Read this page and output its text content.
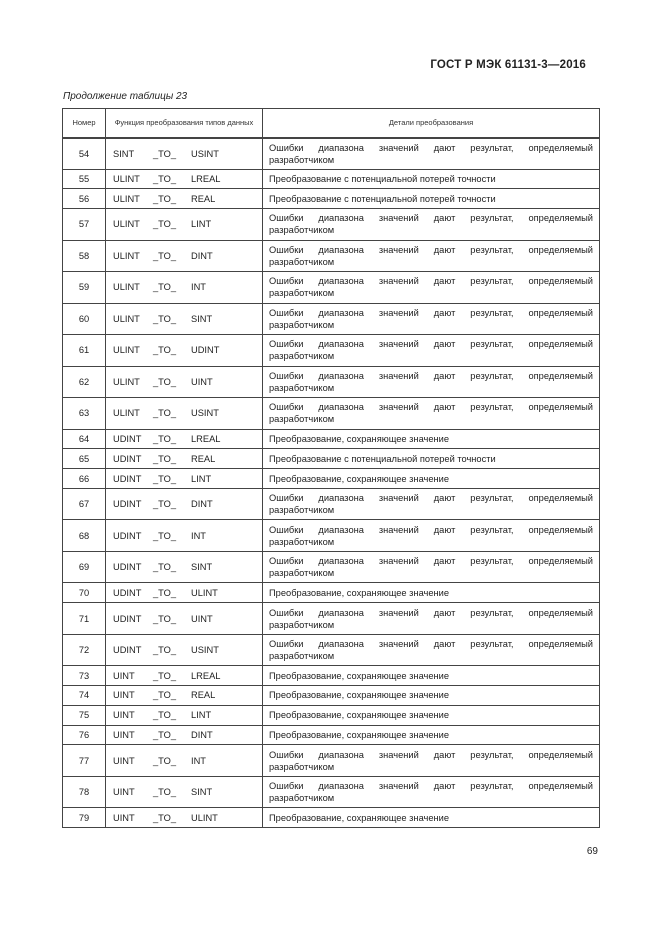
ГОСТ Р МЭК 61131-3—2016
Продолжение таблицы 23
Номер	Функция преобразования типов данных	Детали преобразования
54	SINT _TO_ USINT	Ошибки диапазона значений дают результат, определяемый разработчиком
55	ULINT _TO_ LREAL	Преобразование с потенциальной потерей точности
56	ULINT _TO_ REAL	Преобразование с потенциальной потерей точности
57	ULINT _TO_ LINT	Ошибки диапазона значений дают результат, определяемый разработчиком
58	ULINT _TO_ DINT	Ошибки диапазона значений дают результат, определяемый разработчиком
59	ULINT _TO_ INT	Ошибки диапазона значений дают результат, определяемый разработчиком
60	ULINT _TO_ SINT	Ошибки диапазона значений дают результат, определяемый разработчиком
61	ULINT _TO_ UDINT	Ошибки диапазона значений дают результат, определяемый разработчиком
62	ULINT _TO_ UINT	Ошибки диапазона значений дают результат, определяемый разработчиком
63	ULINT _TO_ USINT	Ошибки диапазона значений дают результат, определяемый разработчиком
64	UDINT _TO_ LREAL	Преобразование, сохраняющее значение
65	UDINT _TO_ REAL	Преобразование с потенциальной потерей точности
66	UDINT _TO_ LINT	Преобразование, сохраняющее значение
67	UDINT _TO_ DINT	Ошибки диапазона значений дают результат, определяемый разработчиком
68	UDINT _TO_ INT	Ошибки диапазона значений дают результат, определяемый разработчиком
69	UDINT _TO_ SINT	Ошибки диапазона значений дают результат, определяемый разработчиком
70	UDINT _TO_ ULINT	Преобразование, сохраняющее значение
71	UDINT _TO_ UINT	Ошибки диапазона значений дают результат, определяемый разработчиком
72	UDINT _TO_ USINT	Ошибки диапазона значений дают результат, определяемый разработчиком
73	UINT _TO_ LREAL	Преобразование, сохраняющее значение
74	UINT _TO_ REAL	Преобразование, сохраняющее значение
75	UINT _TO_ LINT	Преобразование, сохраняющее значение
76	UINT _TO_ DINT	Преобразование, сохраняющее значение
77	UINT _TO_ INT	Ошибки диапазона значений дают результат, определяемый разработчиком
78	UINT _TO_ SINT	Ошибки диапазона значений дают результат, определяемый разработчиком
79	UINT _TO_ ULINT	Преобразование, сохраняющее значение
69
